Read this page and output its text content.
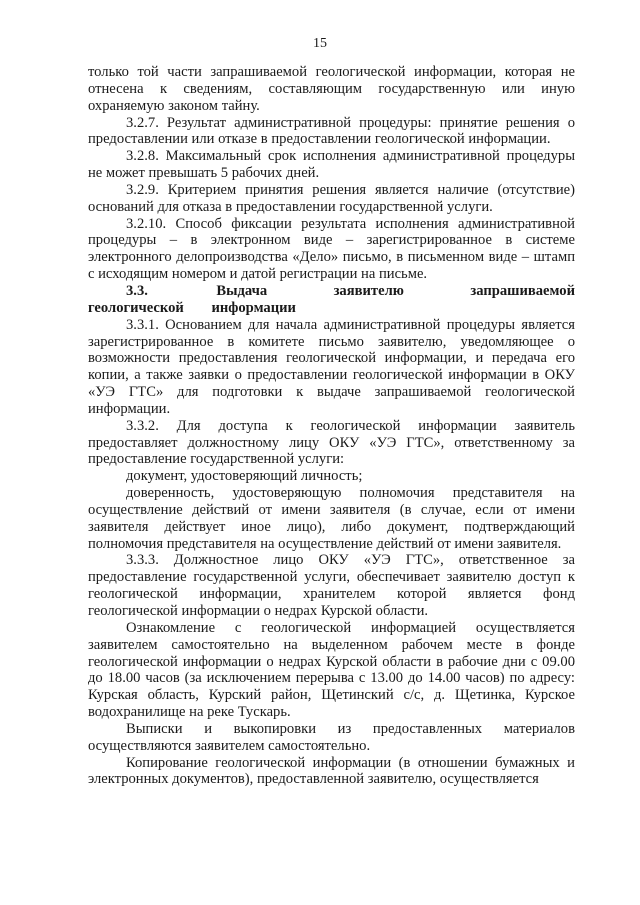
15

только той части запрашиваемой геологической информации, которая не отнесена к сведениям, составляющим государственную или иную охраняемую законом тайну.

3.2.7. Результат административной процедуры: принятие решения о предоставлении или отказе в предоставлении геологической информации.

3.2.8. Максимальный срок исполнения административной процедуры не может превышать 5 рабочих дней.

3.2.9. Критерием принятия решения является наличие (отсутствие) оснований для отказа в предоставлении государственной услуги.

3.2.10. Способ фиксации результата исполнения административной процедуры – в электронном виде – зарегистрированное в системе электронного делопроизводства «Дело» письмо, в письменном виде – штамп с исходящим номером и датой регистрации на письме.

3.3.	Выдача заявителю запрашиваемой геологической информации

3.3.1. Основанием для начала административной процедуры является зарегистрированное в комитете письмо заявителю, уведомляющее о возможности предоставления геологической информации, и передача его копии, а также заявки о предоставлении геологической информации в ОКУ «УЭ ГТС» для подготовки к выдаче запрашиваемой геологической информации.

3.3.2. Для доступа к геологической информации заявитель предоставляет должностному лицу ОКУ «УЭ ГТС», ответственному за предоставление государственной услуги:

документ, удостоверяющий личность;

доверенность, удостоверяющую полномочия представителя на осуществление действий от имени заявителя (в случае, если от имени заявителя действует иное лицо), либо документ, подтверждающий полномочия представителя на осуществление действий от имени заявителя.

3.3.3. Должностное лицо ОКУ «УЭ ГТС», ответственное за предоставление государственной услуги, обеспечивает заявителю доступ к геологической информации, хранителем которой является фонд геологической информации о недрах Курской области.

Ознакомление с геологической информацией осуществляется заявителем самостоятельно на выделенном рабочем месте в фонде геологической информации о недрах Курской области в рабочие дни с 09.00 до 18.00 часов (за исключением перерыва с 13.00 до 14.00 часов) по адресу: Курская область, Курский район, Щетинский с/с, д. Щетинка, Курское водохранилище на реке Тускарь.

Выписки и выкопировки из предоставленных материалов осуществляются заявителем самостоятельно.

Копирование геологической информации (в отношении бумажных и электронных документов), предоставленной заявителю, осуществляется
